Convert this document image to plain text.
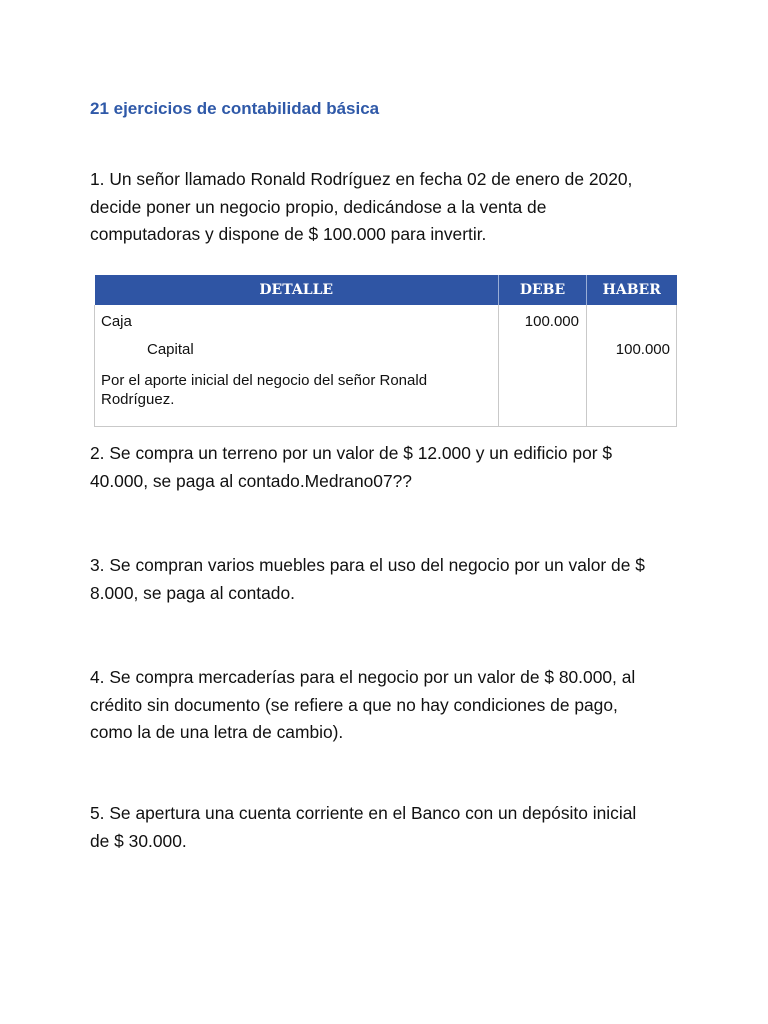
21 ejercicios de contabilidad básica

1. Un señor llamado Ronald Rodríguez en fecha 02 de enero de 2020,
decide poner un negocio propio, dedicándose a la venta de
computadoras y dispone de $ 100.000 para invertir.

DETALLE	DEBE	HABER
Caja	100.000	
Capital		100.000

Por el aporte inicial del negocio del señor Ronald
Rodríguez.		

2. Se compra un terreno por un valor de $ 12.000 y un edificio por $
40.000, se paga al contado.Medrano07??

3. Se compran varios muebles para el uso del negocio por un valor de $
8.000, se paga al contado.

4. Se compra mercaderías para el negocio por un valor de $ 80.000, al
crédito sin documento (se refiere a que no hay condiciones de pago,
como la de una letra de cambio).

5. Se apertura una cuenta corriente en el Banco con un depósito inicial
de $ 30.000.
